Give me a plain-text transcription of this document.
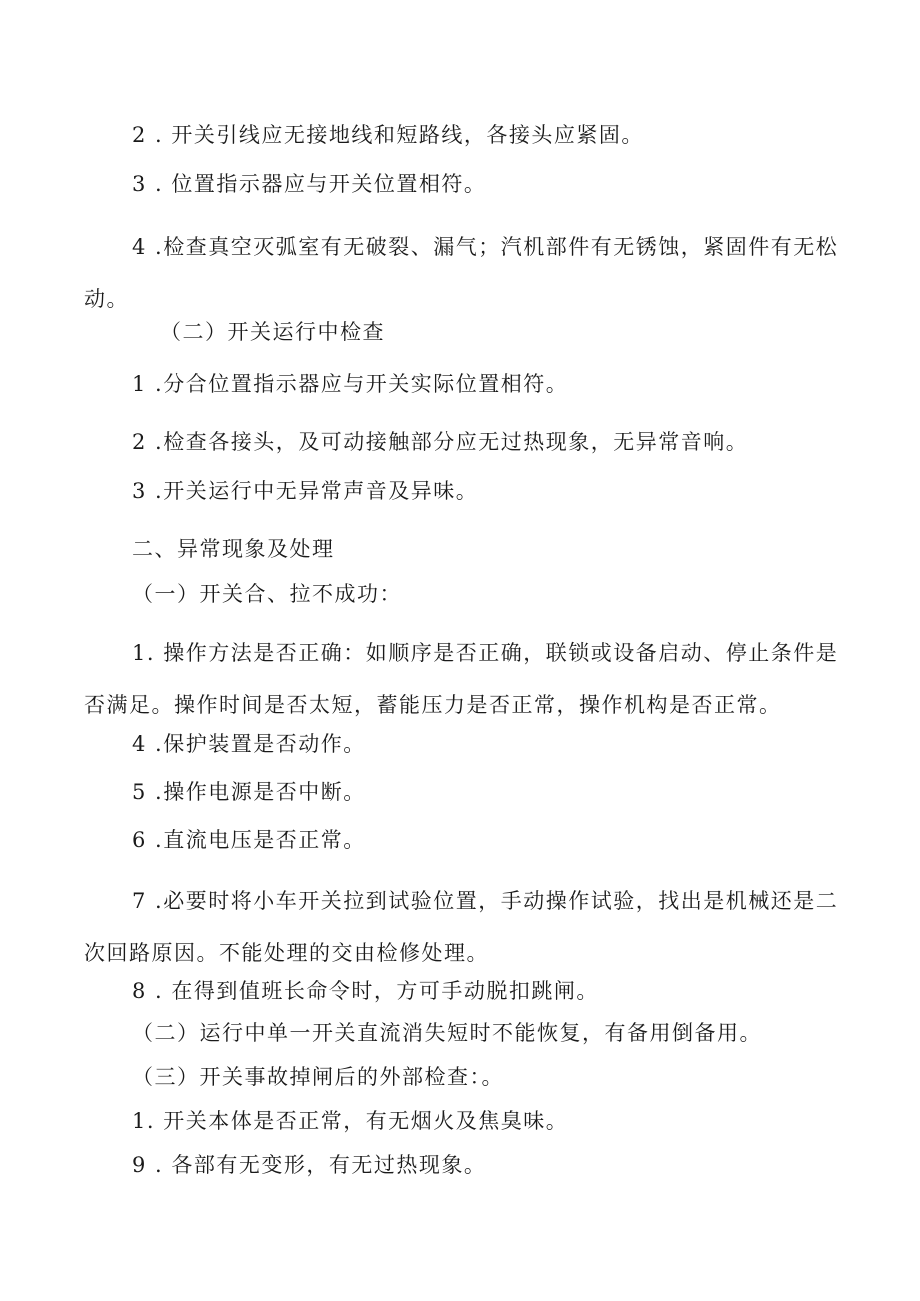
2 . 开关引线应无接地线和短路线，各接头应紧固。
3 . 位置指示器应与开关位置相符。
4 .检查真空灭弧室有无破裂、漏气；汽机部件有无锈蚀，紧固件有无松动。
（二）开关运行中检查
1 .分合位置指示器应与开关实际位置相符。
2 .检查各接头，及可动接触部分应无过热现象，无异常音响。
3 .开关运行中无异常声音及异味。
二、异常现象及处理
（一）开关合、拉不成功：
1. 操作方法是否正确：如顺序是否正确，联锁或设备启动、停止条件是否满足。操作时间是否太短，蓄能压力是否正常，操作机构是否正常。
4 .保护装置是否动作。
5 .操作电源是否中断。
6 .直流电压是否正常。
7 .必要时将小车开关拉到试验位置，手动操作试验，找出是机械还是二次回路原因。不能处理的交由检修处理。
8 . 在得到值班长命令时，方可手动脱扣跳闸。
（二）运行中单一开关直流消失短时不能恢复，有备用倒备用。
（三）开关事故掉闸后的外部检查：。
1. 开关本体是否正常，有无烟火及焦臭味。
9 . 各部有无变形，有无过热现象。
